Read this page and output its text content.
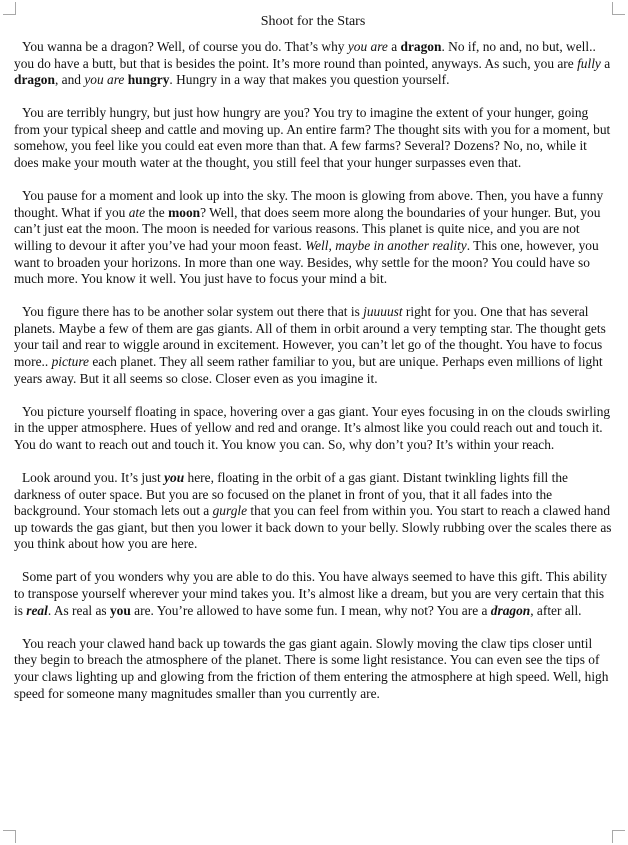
Shoot for the Stars

You wanna be a dragon? Well, of course you do. That’s why you are a dragon. No if, no and, no but, well.. you do have a butt, but that is besides the point. It’s more round than pointed, anyways. As such, you are fully a dragon, and you are hungry. Hungry in a way that makes you question yourself.

You are terribly hungry, but just how hungry are you? You try to imagine the extent of your hunger, going from your typical sheep and cattle and moving up. An entire farm? The thought sits with you for a moment, but somehow, you feel like you could eat even more than that. A few farms? Several? Dozens? No, no, while it does make your mouth water at the thought, you still feel that your hunger surpasses even that.

You pause for a moment and look up into the sky. The moon is glowing from above. Then, you have a funny thought. What if you ate the moon? Well, that does seem more along the boundaries of your hunger. But, you can’t just eat the moon. The moon is needed for various reasons. This planet is quite nice, and you are not willing to devour it after you’ve had your moon feast. Well, maybe in another reality. This one, however, you want to broaden your horizons. In more than one way. Besides, why settle for the moon? You could have so much more. You know it well. You just have to focus your mind a bit.

You figure there has to be another solar system out there that is juuuust right for you. One that has several planets. Maybe a few of them are gas giants. All of them in orbit around a very tempting star. The thought gets your tail and rear to wiggle around in excitement. However, you can’t let go of the thought. You have to focus more.. picture each planet. They all seem rather familiar to you, but are unique. Perhaps even millions of light years away. But it all seems so close. Closer even as you imagine it.

You picture yourself floating in space, hovering over a gas giant. Your eyes focusing in on the clouds swirling in the upper atmosphere. Hues of yellow and red and orange. It’s almost like you could reach out and touch it. You do want to reach out and touch it. You know you can. So, why don’t you? It’s within your reach.

Look around you. It’s just you here, floating in the orbit of a gas giant. Distant twinkling lights fill the darkness of outer space. But you are so focused on the planet in front of you, that it all fades into the background. Your stomach lets out a gurgle that you can feel from within you. You start to reach a clawed hand up towards the gas giant, but then you lower it back down to your belly. Slowly rubbing over the scales there as you think about how you are here.

Some part of you wonders why you are able to do this. You have always seemed to have this gift. This ability to transpose yourself wherever your mind takes you. It’s almost like a dream, but you are very certain that this is real. As real as you are. You’re allowed to have some fun. I mean, why not? You are a dragon, after all.

You reach your clawed hand back up towards the gas giant again. Slowly moving the claw tips closer until they begin to breach the atmosphere of the planet. There is some light resistance. You can even see the tips of your claws lighting up and glowing from the friction of them entering the atmosphere at high speed. Well, high speed for someone many magnitudes smaller than you currently are.
